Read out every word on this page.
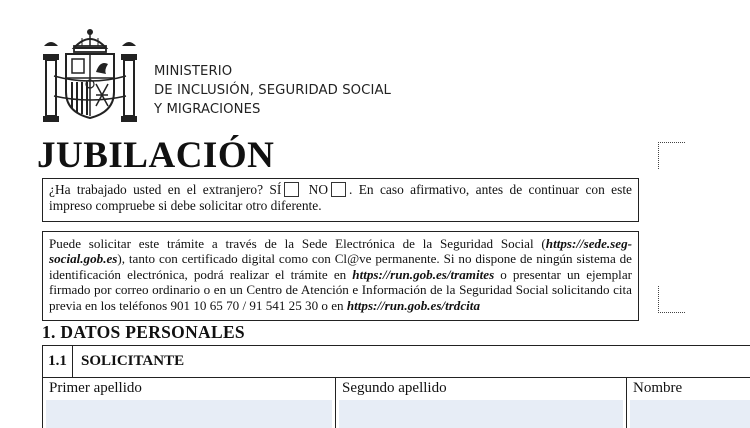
MINISTERIO
DE INCLUSIÓN, SEGURIDAD SOCIAL
Y MIGRACIONES
JUBILACIÓN
¿Ha trabajado usted en el extranjero? SÍ NO . En caso afirmativo, antes de continuar con este impreso compruebe si debe solicitar otro diferente.
Puede solicitar este trámite a través de la Sede Electrónica de la Seguridad Social (https://sede.seg-social.gob.es), tanto con certificado digital como con Cl@ve permanente. Si no dispone de ningún sistema de identificación electrónica, podrá realizar el trámite en https://run.gob.es/tramites o presentar un ejemplar firmado por correo ordinario o en un Centro de Atención e Información de la Seguridad Social solicitando cita previa en los teléfonos 901 10 65 70 / 91 541 25 30 o en https://run.gob.es/trdcita
1. DATOS PERSONALES
1.1 SOLICITANTE
Primer apellido	Segundo apellido	Nombre
